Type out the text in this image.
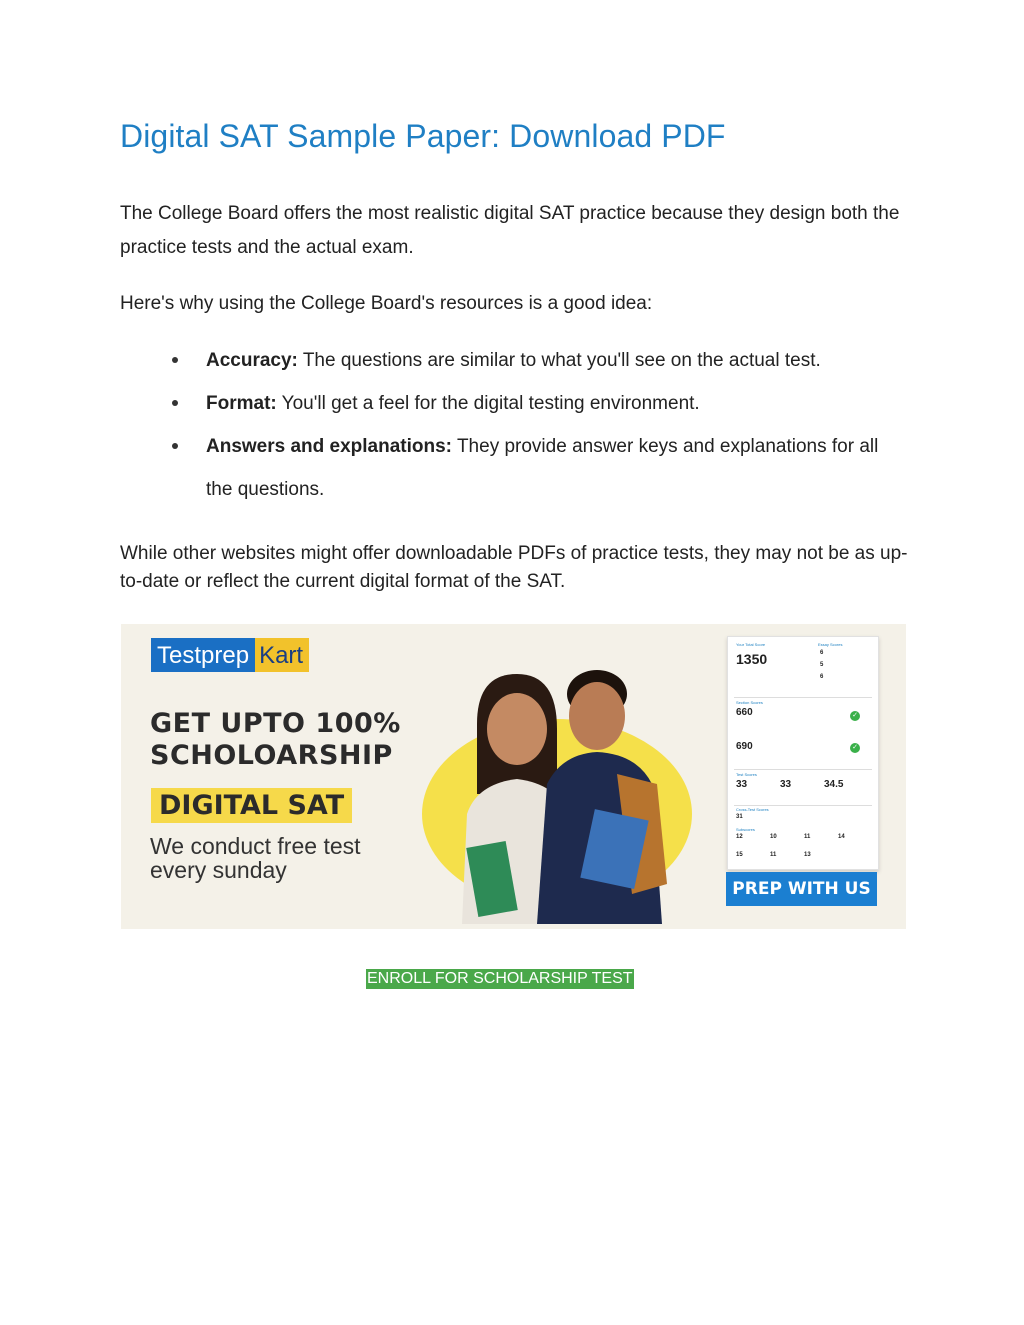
Digital SAT Sample Paper: Download PDF

The College Board offers the most realistic digital SAT practice because they design both the practice tests and the actual exam.

Here's why using the College Board's resources is a good idea:

Accuracy: The questions are similar to what you'll see on the actual test.
Format: You'll get a feel for the digital testing environment.
Answers and explanations: They provide answer keys and explanations for all the questions.

While other websites might offer downloadable PDFs of practice tests, they may not be as up-to-date or reflect the current digital format of the SAT.

Testprep Kart

GET UPTO 100%

SCHOLOARSHIP

DIGITAL SAT

We conduct free test every sunday

Your Total Score
1350
Essay Scores
6
5
6
Section Scores
660	✓
690	✓
Test Scores
33	33	34.5
Cross-Test Scores
31
Subscores
12	10	11	14
15	11	13
PREP WITH US
ENROLL FOR SCHOLARSHIP TEST
